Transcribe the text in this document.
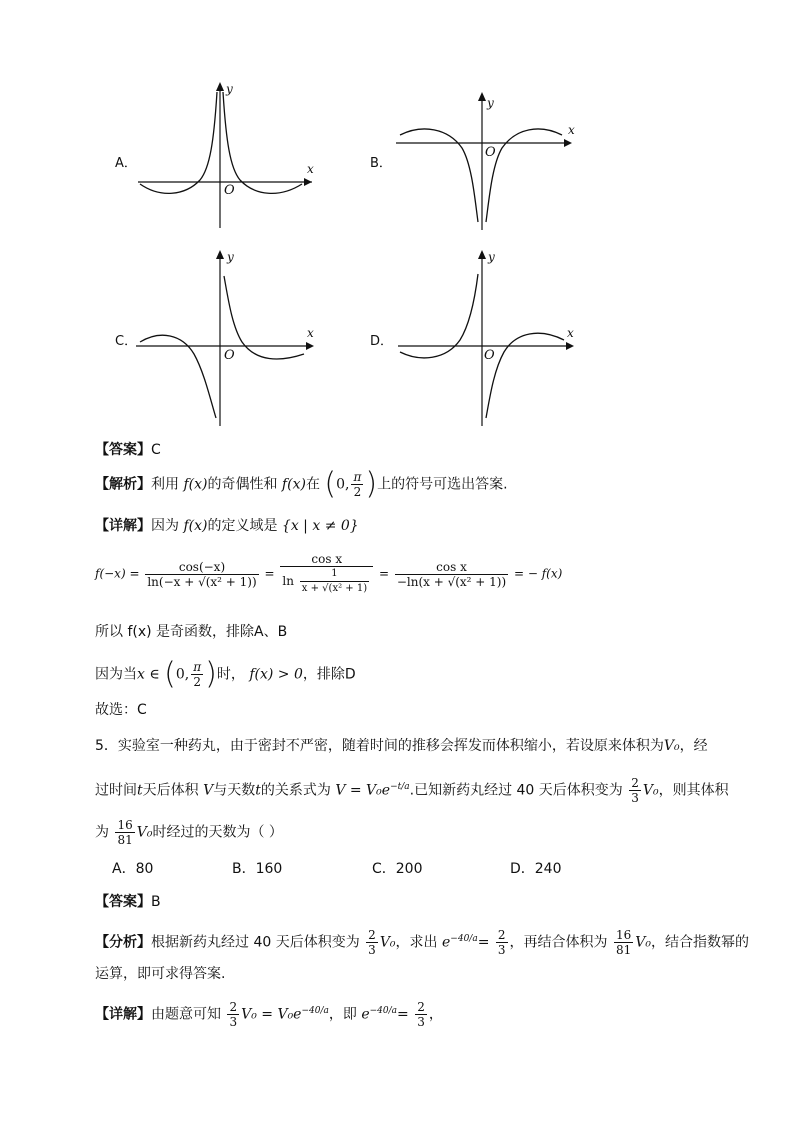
A．
y
x
O
B．
y
x
O
C．
y
x
O
D．
y
x
O
【答案】C
【解析】利用 f(x)的奇偶性和 f(x)在 (0, $\frac{\pi}{2}$ )上的符号可选出答案.
【详解】因为 f(x)的定义域是 {x | x ≠ 0}
$f(-x) = \frac{\cos(-x)}{\text{ln(−x + √(x² + 1))}} = \frac{\text{cos x}}{\ln \frac{1}{\text{x + √(x² + 1)}}} = \frac{\text{cos x}}{\text{−ln(x + √(x² + 1))}}$ = − f(x)
所以 f(x) 是奇函数，排除A、B
因为当x ∈ (0, $\frac{\pi}{2}$ )时， f(x) > 0，排除D
故选：C
5．实验室一种药丸，由于密封不严密，随着时间的推移会挥发而体积缩小，若设原来体积为V₀，经
过时间t天后体积 V与天数t的关系式为 $V = V_0e^{-t/a}$.已知新药丸经过 40 天后体积变为 $\frac{2}{3} V_0$，则其体积
为 $\frac{16}{81} V_0$时经过的天数为（ ）
A．80	B．160	C．200	D．240
【答案】B
【分析】根据新药丸经过 40 天后体积变为 $\frac{2}{3} V_0$，求出 $e^{-40/a}= \frac{2}{3}$ ，再结合体积为 $\frac{16}{81} V_0$，结合指数幂的
运算，即可求得答案.
【详解】由题意可知 $\frac{2}{3} V_0 = V_0e^{-40/a}$，即 $e^{-40/a}= \frac{2}{3}$ ，
